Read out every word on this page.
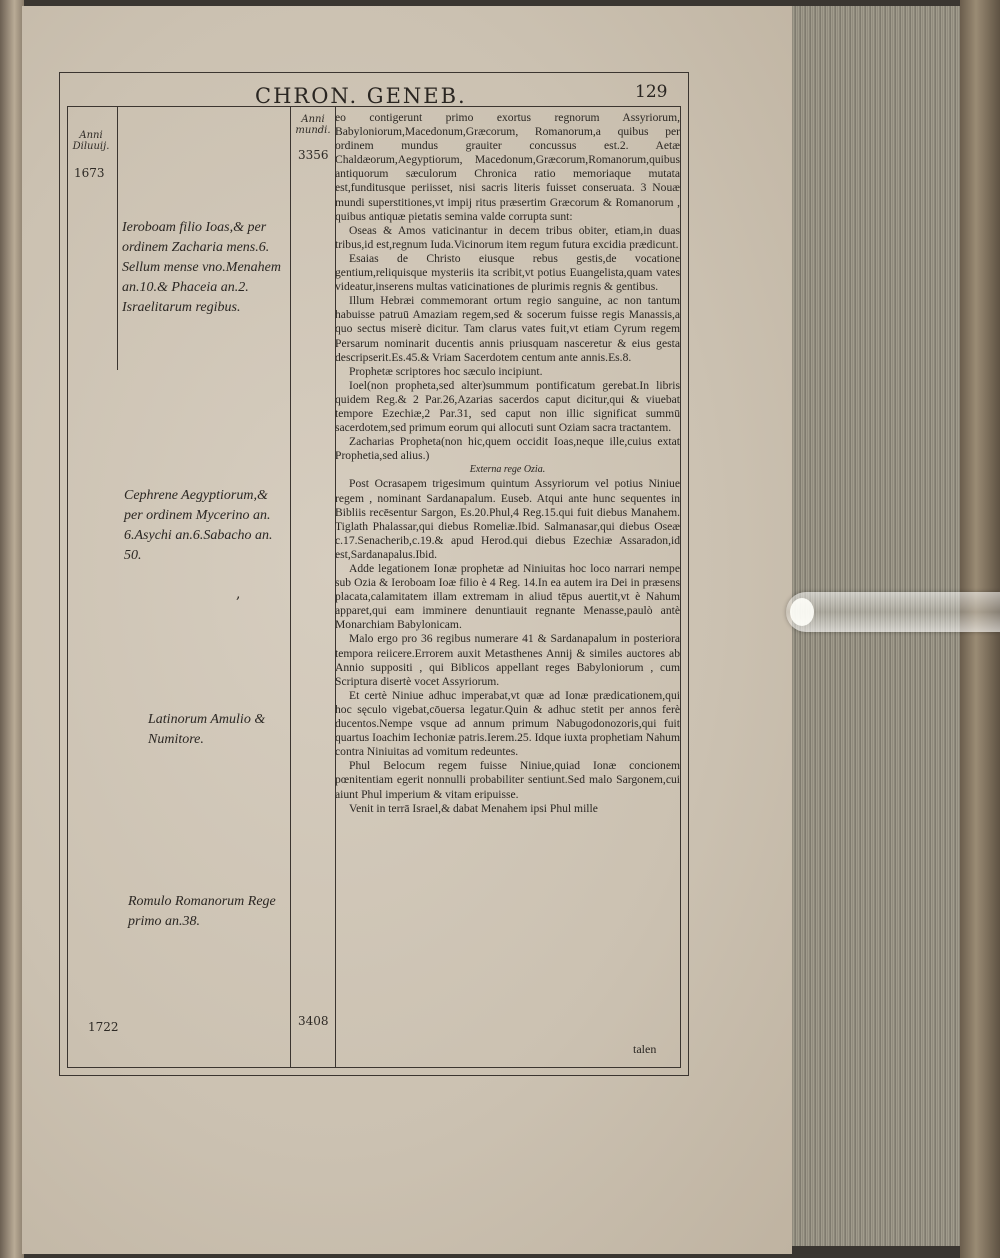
CHRON. GENEB.	129
Anni Diluuij.
Anni mundi.
1673
3356
1722	3408
Ieroboam filio Ioas,& per ordinem Zacharia mens.6. Sellum mense vno.Menahem an.10.& Phaceia an.2. Israelitarum regibus.
Cephrene Aegyptiorum,& per ordinem Mycerino an. 6.Asychi an.6.Sabacho an. 50.
,
Latinorum Amulio & Numitore.
Romulo Romanorum Rege primo an.38.

eo contigerunt primo exortus regnorum Assyriorum, Babyloniorum,Macedonum,Græcorum, Romanorum,a quibus per ordinem mundus grauiter concussus est.2. Aetæ Chaldæorum,Aegyptiorum, Macedonum,Græcorum,Romanorum,quibus antiquorum sæculorum Chronica ratio memoriaque mutata est,funditusque periisset, nisi sacris literis fuisset conseruata. 3 Nouæ mundi superstitiones,vt impij ritus præsertim Græcorum & Romanorum , quibus antiquæ pietatis semina valde corrupta sunt:

Oseas & Amos vaticinantur in decem tribus obiter, etiam,in duas tribus,id est,regnum Iuda.Vicinorum item regum futura excidia prædicunt.

Esaias de Christo eiusque rebus gestis,de vocatione gentium,reliquisque mysteriis ita scribit,vt potius Euangelista,quam vates videatur,inserens multas vaticinationes de plurimis regnis & gentibus.

Illum Hebræi commemorant ortum regio sanguine, ac non tantum habuisse patruū Amaziam regem,sed & socerum fuisse regis Manassis,a quo sectus miserè dicitur. Tam clarus vates fuit,vt etiam Cyrum regem Persarum nominarit ducentis annis priusquam nasceretur & eius gesta descripserit.Es.45.& Vriam Sacerdotem centum ante annis.Es.8.

Prophetæ scriptores hoc sæculo incipiunt.

Ioel(non propheta,sed alter)summum pontificatum gerebat.In libris quidem Reg.& 2 Par.26,Azarias sacerdos caput dicitur,qui & viuebat tempore Ezechiæ,2 Par.31, sed caput non illic significat summū sacerdotem,sed primum eorum qui allocuti sunt Oziam sacra tractantem.

Zacharias Propheta(non hic,quem occidit Ioas,neque ille,cuius extat Prophetia,sed alius.)

Externa rege Ozia.

Post Ocrasapem trigesimum quintum Assyriorum vel potius Niniue regem , nominant Sardanapalum. Euseb. Atqui ante hunc sequentes in Bibliis recēsentur Sargon, Es.20.Phul,4 Reg.15.qui fuit diebus Manahem. Tiglath Phalassar,qui diebus Romeliæ.Ibid. Salmanasar,qui diebus Oseæ c.17.Senacherib,c.19.& apud Herod.qui diebus Ezechiæ Assaradon,id est,Sardanapalus.Ibid.

Adde legationem Ionæ prophetæ ad Niniuitas hoc loco narrari nempe sub Ozia & Ieroboam Ioæ filio è 4 Reg. 14.In ea autem ira Dei in præsens placata,calamitatem illam extremam in aliud tēpus auertit,vt è Nahum apparet,qui eam imminere denuntiauit regnante Menasse,paulò antè Monarchiam Babylonicam.

Malo ergo pro 36 regibus numerare 41 & Sardanapalum in posteriora tempora reiicere.Errorem auxit Metasthenes Annij & similes auctores ab Annio suppositi , qui Biblicos appellant reges Babyloniorum , cum Scriptura disertè vocet Assyriorum.

Et certè Niniue adhuc imperabat,vt quæ ad Ionæ prædicationem,qui hoc sęculo vigebat,cōuersa legatur.Quin & adhuc stetit per annos ferè ducentos.Nempe vsque ad annum primum Nabugodonozoris,qui fuit quartus Ioachim Iechoniæ patris.Ierem.25. Idque iuxta prophetiam Nahum contra Niniuitas ad vomitum redeuntes.

Phul Belocum regem fuisse Niniue,quiad Ionæ concionem pœnitentiam egerit nonnulli probabiliter sentiunt.Sed malo Sargonem,cui aiunt Phul imperium & vitam eripuisse.

Venit in terrā Israel,& dabat Menahem ipsi Phul mille

talen
